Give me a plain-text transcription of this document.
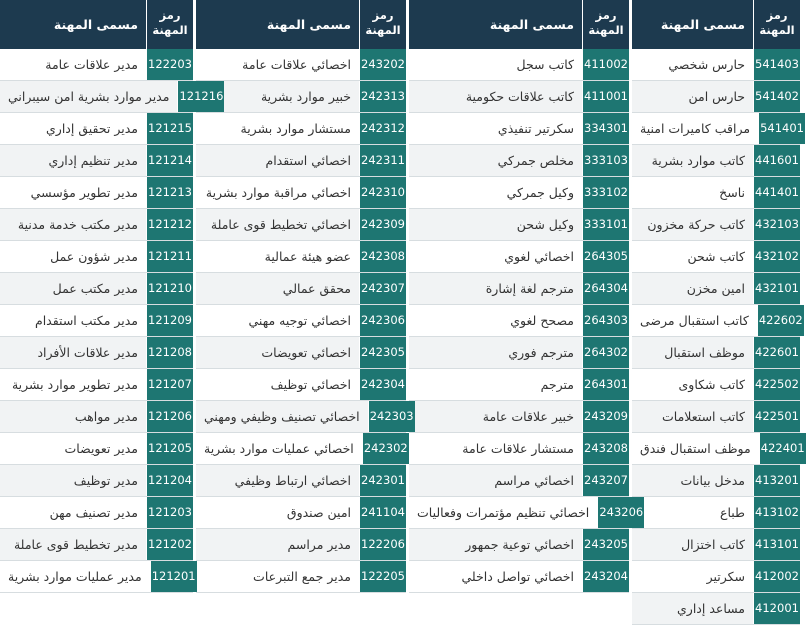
مسمى المهنة
رمز المهنة
حارس شخصي 541403
حارس امن 541402
مراقب كاميرات امنية 541401
كاتب موارد بشرية 441601
ناسخ 441401
كاتب حركة مخزون 432103
كاتب شحن 432102
امين مخزن 432101
كاتب استقبال مرضى 422602
موظف استقبال 422601
كاتب شكاوى 422502
كاتب استعلامات 422501
موظف استقبال فندق 422401
مدخل بيانات 413201
طباع 413102
كاتب اختزال 413101
سكرتير 412002
مساعد إداري 412001
مسمى المهنة
رمز المهنة
كاتب سجل 411002
كاتب علاقات حكومية 411001
سكرتير تنفيذي 334301
مخلص جمركي 333103
وكيل جمركي 333102
وكيل شحن 333101
اخصائي لغوي 264305
مترجم لغة إشارة 264304
مصحح لغوي 264303
مترجم فوري 264302
مترجم 264301
خبير علاقات عامة 243209
مستشار علاقات عامة 243208
اخصائي مراسم 243207
اخصائي تنظيم مؤتمرات وفعاليات 243206
اخصائي توعية جمهور 243205
اخصائي تواصل داخلي 243204
مسمى المهنة
رمز المهنة
اخصائي علاقات عامة 243202
خبير موارد بشرية 242313
مستشار موارد بشرية 242312
اخصائي استقدام 242311
اخصائي مراقبة موارد بشرية 242310
اخصائي تخطيط قوى عاملة 242309
عضو هيئة عمالية 242308
محقق عمالي 242307
اخصائي توجيه مهني 242306
اخصائي تعويضات 242305
اخصائي توظيف 242304
اخصائي تصنيف وظيفي ومهني 242303
اخصائي عمليات موارد بشرية 242302
اخصائي ارتباط وظيفي 242301
امين صندوق 241104
مدير مراسم 122206
مدير جمع التبرعات 122205
مسمى المهنة
رمز المهنة
مدير علاقات عامة 122203
مدير موارد بشرية امن سيبراني 121216
مدير تحقيق إداري 121215
مدير تنظيم إداري 121214
مدير تطوير مؤسسي 121213
مدير مكتب خدمة مدنية 121212
مدير شؤون عمل 121211
مدير مكتب عمل 121210
مدير مكتب استقدام 121209
مدير علاقات الأفراد 121208
مدير تطوير موارد بشرية 121207
مدير مواهب 121206
مدير تعويضات 121205
مدير توظيف 121204
مدير تصنيف مهن 121203
مدير تخطيط قوى عاملة 121202
مدير عمليات موارد بشرية 121201
